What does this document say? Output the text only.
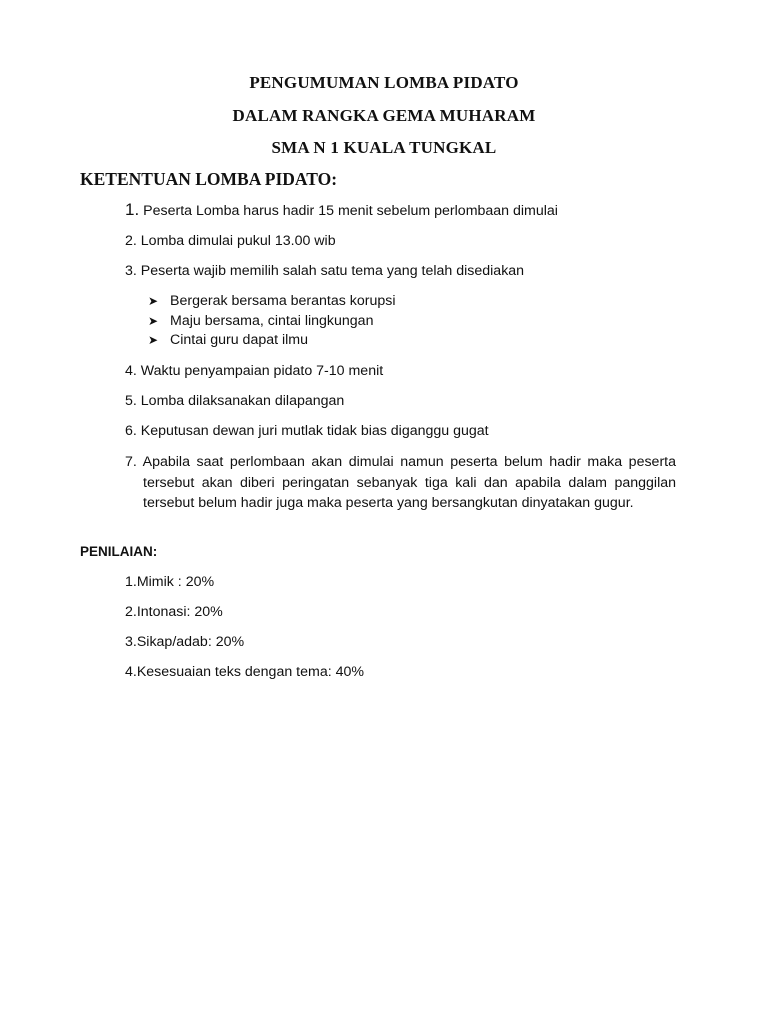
PENGUMUMAN LOMBA PIDATO
DALAM RANGKA GEMA MUHARAM
SMA N 1 KUALA TUNGKAL
KETENTUAN LOMBA PIDATO:
1. Peserta Lomba harus hadir 15 menit sebelum perlombaan dimulai
2. Lomba dimulai pukul 13.00 wib
3. Peserta wajib memilih salah satu tema yang telah disediakan
➤ Bergerak bersama berantas korupsi
➤ Maju bersama, cintai lingkungan
➤ Cintai guru dapat ilmu
4. Waktu penyampaian pidato 7-10 menit
5. Lomba dilaksanakan dilapangan
6. Keputusan dewan juri mutlak tidak bias diganggu gugat
7. Apabila saat perlombaan akan dimulai namun peserta belum hadir maka peserta tersebut akan diberi peringatan sebanyak tiga kali dan apabila dalam panggilan tersebut belum hadir juga maka peserta yang bersangkutan dinyatakan gugur.
PENILAIAN:
1.Mimik : 20%
2.Intonasi: 20%
3.Sikap/adab: 20%
4.Kesesuaian teks dengan tema: 40%
